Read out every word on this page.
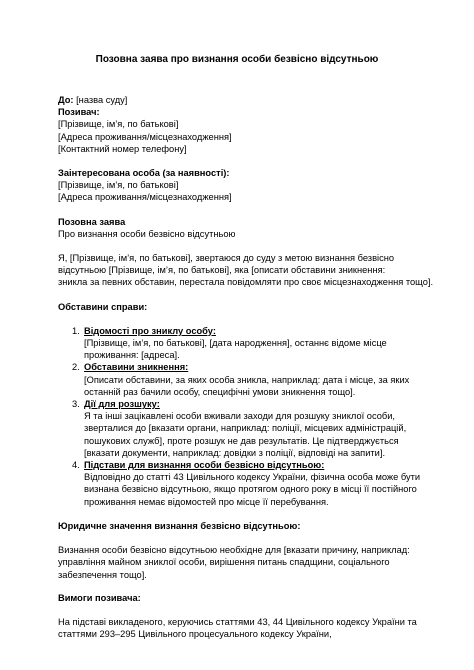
Позовна заява про визнання особи безвісно відсутньою
До: [назва суду]
Позивач:
[Прізвище, ім’я, по батькові]
[Адреса проживання/місцезнаходження]
[Контактний номер телефону]
Заінтересована особа (за наявності):
[Прізвище, ім’я, по батькові]
[Адреса проживання/місцезнаходження]
Позовна заява
Про визнання особи безвісно відсутньою
Я, [Прізвище, ім’я, по батькові], звертаюся до суду з метою визнання безвісно
відсутньою [Прізвище, ім’я, по батькові], яка [описати обставини зникнення:
зникла за певних обставин, перестала повідомляти про своє місцезнаходження тощо].
Обставини справи:
1. Відомості про зниклу особу:
[Прізвище, ім’я, по батькові], [дата народження], останнє відоме місце
проживання: [адреса].
2. Обставини зникнення:
[Описати обставини, за яких особа зникла, наприклад: дата і місце, за яких
останній раз бачили особу, специфічні умови зникнення тощо].
3. Дії для розшуку:
Я та інші зацікавлені особи вживали заходи для розшуку зниклої особи,
зверталися до [вказати органи, наприклад: поліції, місцевих адміністрацій,
пошукових служб], проте розшук не дав результатів. Це підтверджується
[вказати документи, наприклад: довідки з поліції, відповіді на запити].
4. Підстави для визнання особи безвісно відсутньою:
Відповідно до статті 43 Цивільного кодексу України, фізична особа може бути
визнана безвісно відсутньою, якщо протягом одного року в місці її постійного
проживання немає відомостей про місце її перебування.
Юридичне значення визнання безвісно відсутньою:
Визнання особи безвісно відсутньою необхідне для [вказати причину, наприклад:
управління майном зниклої особи, вирішення питань спадщини, соціального
забезпечення тощо].
Вимоги позивача:
На підставі викладеного, керуючись статтями 43, 44 Цивільного кодексу України та
статтями 293–295 Цивільного процесуального кодексу України,
